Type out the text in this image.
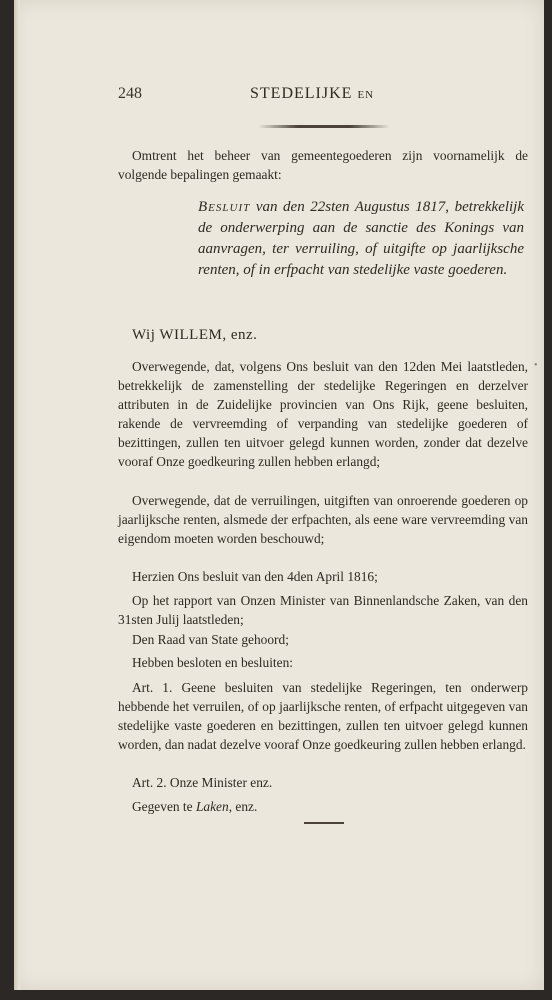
248	STEDELIJKE EN

Omtrent het beheer van gemeentegoederen zijn voornamelijk de volgende bepalingen gemaakt:

Besluit van den 22sten Augustus 1817, betrekkelijk de onderwerping aan de sanctie des Konings van aanvragen, ter verruiling, of uitgifte op jaarlijksche renten, of in erfpacht van stedelijke vaste goederen.

Wij WILLEM, enz.

Overwegende, dat, volgens Ons besluit van den 12den Mei laatstleden, betrekkelijk de zamenstelling der stedelijke Regeringen en derzelver attributen in de Zuidelijke provincien van Ons Rijk, geene besluiten, rakende de vervreemding of verpanding van stedelijke goederen of bezittingen, zullen ten uitvoer gelegd kunnen worden, zonder dat dezelve vooraf Onze goedkeuring zullen hebben erlangd;

Overwegende, dat de verruilingen, uitgiften van onroerende goederen op jaarlijksche renten, alsmede der erfpachten, als eene ware vervreemding van eigendom moeten worden beschouwd;

Herzien Ons besluit van den 4den April 1816;

Op het rapport van Onzen Minister van Binnenlandsche Zaken, van den 31sten Julij laatstleden;

Den Raad van State gehoord;

Hebben besloten en besluiten:

Art. 1. Geene besluiten van stedelijke Regeringen, ten onderwerp hebbende het verruilen, of op jaarlijksche renten, of erfpacht uitgegeven van stedelijke vaste goederen en bezittingen, zullen ten uitvoer gelegd kunnen worden, dan nadat dezelve vooraf Onze goedkeuring zullen hebben erlangd.

Art. 2. Onze Minister enz.

Gegeven te Laken, enz.

•
